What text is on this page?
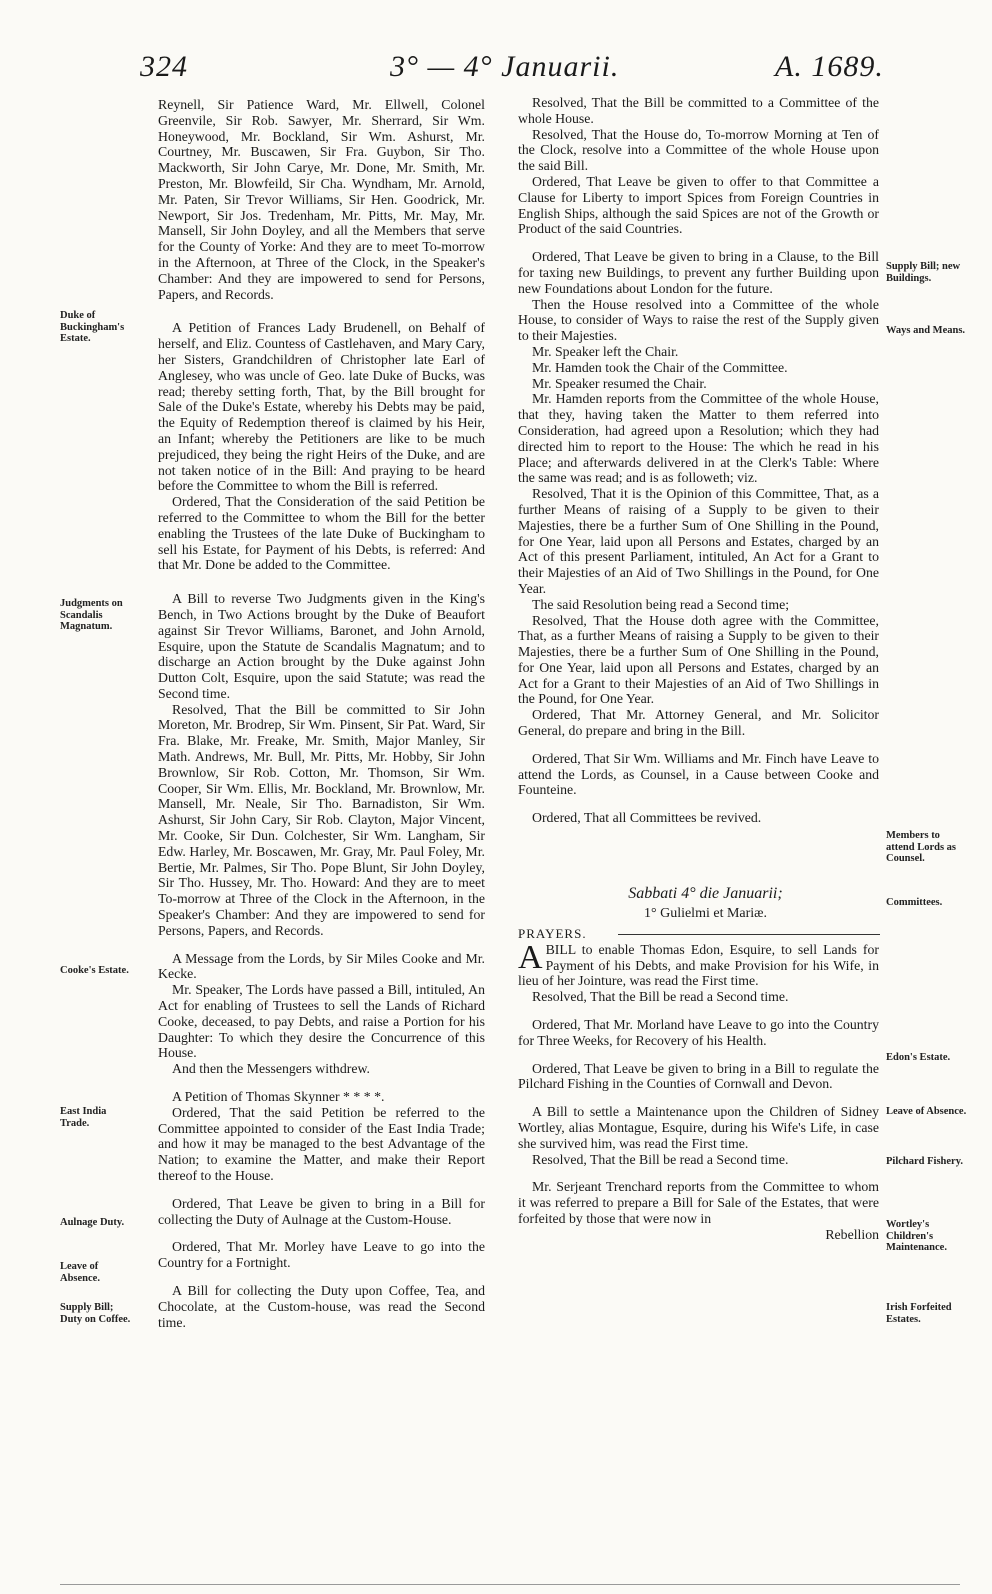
324	3° — 4° Januarii.	A. 1689.
Duke of Buckingham's Estate.
Judgments on Scandalis Magnatum.
Cooke's Estate.
East India Trade.
Aulnage Duty.
Leave of Absence.
Supply Bill; Duty on Coffee.
Supply Bill; new Buildings.
Ways and Means.
Members to attend Lords as Counsel.
Committees.
Edon's Estate.
Leave of Absence.
Pilchard Fishery.
Wortley's Children's Maintenance.
Irish Forfeited Estates.

Reynell, Sir Patience Ward, Mr. Ellwell, Colonel Greenvile, Sir Rob. Sawyer, Mr. Sherrard, Sir Wm. Honeywood, Mr. Bockland, Sir Wm. Ashurst, Mr. Courtney, Mr. Buscawen, Sir Fra. Guybon, Sir Tho. Mackworth, Sir John Carye, Mr. Done, Mr. Smith, Mr. Preston, Mr. Blowfeild, Sir Cha. Wyndham, Mr. Arnold, Mr. Paten, Sir Trevor Williams, Sir Hen. Goodrick, Mr. Newport, Sir Jos. Tredenham, Mr. Pitts, Mr. May, Mr. Mansell, Sir John Doyley, and all the Members that serve for the County of Yorke: And they are to meet To-morrow in the Afternoon, at Three of the Clock, in the Speaker's Chamber: And they are impowered to send for Persons, Papers, and Records.

A Petition of Frances Lady Brudenell, on Behalf of herself, and Eliz. Countess of Castlehaven, and Mary Cary, her Sisters, Grandchildren of Christopher late Earl of Anglesey, who was uncle of Geo. late Duke of Bucks, was read; thereby setting forth, That, by the Bill brought for Sale of the Duke's Estate, whereby his Debts may be paid, the Equity of Redemption thereof is claimed by his Heir, an Infant; whereby the Petitioners are like to be much prejudiced, they being the right Heirs of the Duke, and are not taken notice of in the Bill: And praying to be heard before the Committee to whom the Bill is referred.

Ordered, That the Consideration of the said Petition be referred to the Committee to whom the Bill for the better enabling the Trustees of the late Duke of Buckingham to sell his Estate, for Payment of his Debts, is referred: And that Mr. Done be added to the Committee.

A Bill to reverse Two Judgments given in the King's Bench, in Two Actions brought by the Duke of Beaufort against Sir Trevor Williams, Baronet, and John Arnold, Esquire, upon the Statute de Scandalis Magnatum; and to discharge an Action brought by the Duke against John Dutton Colt, Esquire, upon the said Statute; was read the Second time.

Resolved, That the Bill be committed to Sir John Moreton, Mr. Brodrep, Sir Wm. Pinsent, Sir Pat. Ward, Sir Fra. Blake, Mr. Freake, Mr. Smith, Major Manley, Sir Math. Andrews, Mr. Bull, Mr. Pitts, Mr. Hobby, Sir John Brownlow, Sir Rob. Cotton, Mr. Thomson, Sir Wm. Cooper, Sir Wm. Ellis, Mr. Bockland, Mr. Brownlow, Mr. Mansell, Mr. Neale, Sir Tho. Barnadiston, Sir Wm. Ashurst, Sir John Cary, Sir Rob. Clayton, Major Vincent, Mr. Cooke, Sir Dun. Colchester, Sir Wm. Langham, Sir Edw. Harley, Mr. Boscawen, Mr. Gray, Mr. Paul Foley, Mr. Bertie, Mr. Palmes, Sir Tho. Pope Blunt, Sir John Doyley, Sir Tho. Hussey, Mr. Tho. Howard: And they are to meet To-morrow at Three of the Clock in the Afternoon, in the Speaker's Chamber: And they are impowered to send for Persons, Papers, and Records.

A Message from the Lords, by Sir Miles Cooke and Mr. Kecke.

Mr. Speaker, The Lords have passed a Bill, intituled, An Act for enabling of Trustees to sell the Lands of Richard Cooke, deceased, to pay Debts, and raise a Portion for his Daughter: To which they desire the Concurrence of this House.

And then the Messengers withdrew.

A Petition of Thomas Skynner * * * *.

Ordered, That the said Petition be referred to the Committee appointed to consider of the East India Trade; and how it may be managed to the best Advantage of the Nation; to examine the Matter, and make their Report thereof to the House.

Ordered, That Leave be given to bring in a Bill for collecting the Duty of Aulnage at the Custom-House.

Ordered, That Mr. Morley have Leave to go into the Country for a Fortnight.

A Bill for collecting the Duty upon Coffee, Tea, and Chocolate, at the Custom-house, was read the Second time.

Resolved, That the Bill be committed to a Committee of the whole House.

Resolved, That the House do, To-morrow Morning at Ten of the Clock, resolve into a Committee of the whole House upon the said Bill.

Ordered, That Leave be given to offer to that Committee a Clause for Liberty to import Spices from Foreign Countries in English Ships, although the said Spices are not of the Growth or Product of the said Countries.

Ordered, That Leave be given to bring in a Clause, to the Bill for taxing new Buildings, to prevent any further Building upon new Foundations about London for the future.

Then the House resolved into a Committee of the whole House, to consider of Ways to raise the rest of the Supply given to their Majesties.

Mr. Speaker left the Chair.

Mr. Hamden took the Chair of the Committee.

Mr. Speaker resumed the Chair.

Mr. Hamden reports from the Committee of the whole House, that they, having taken the Matter to them referred into Consideration, had agreed upon a Resolution; which they had directed him to report to the House: The which he read in his Place; and afterwards delivered in at the Clerk's Table: Where the same was read; and is as followeth; viz.

Resolved, That it is the Opinion of this Committee, That, as a further Means of raising of a Supply to be given to their Majesties, there be a further Sum of One Shilling in the Pound, for One Year, laid upon all Persons and Estates, charged by an Act of this present Parliament, intituled, An Act for a Grant to their Majesties of an Aid of Two Shillings in the Pound, for One Year.

The said Resolution being read a Second time;

Resolved, That the House doth agree with the Committee, That, as a further Means of raising a Supply to be given to their Majesties, there be a further Sum of One Shilling in the Pound, for One Year, laid upon all Persons and Estates, charged by an Act for a Grant to their Majesties of an Aid of Two Shillings in the Pound, for One Year.

Ordered, That Mr. Attorney General, and Mr. Solicitor General, do prepare and bring in the Bill.

Ordered, That Sir Wm. Williams and Mr. Finch have Leave to attend the Lords, as Counsel, in a Cause between Cooke and Founteine.

Ordered, That all Committees be revived.

Sabbati 4° die Januarii;

1° Gulielmi et Mariæ.

PRAYERS.

ABILL to enable Thomas Edon, Esquire, to sell Lands for Payment of his Debts, and make Provision for his Wife, in lieu of her Jointure, was read the First time.

Resolved, That the Bill be read a Second time.

Ordered, That Mr. Morland have Leave to go into the Country for Three Weeks, for Recovery of his Health.

Ordered, That Leave be given to bring in a Bill to regulate the Pilchard Fishing in the Counties of Cornwall and Devon.

A Bill to settle a Maintenance upon the Children of Sidney Wortley, alias Montague, Esquire, during his Wife's Life, in case she survived him, was read the First time.

Resolved, That the Bill be read a Second time.

Mr. Serjeant Trenchard reports from the Committee to whom it was referred to prepare a Bill for Sale of the Estates, that were forfeited by those that were now in

Rebellion
